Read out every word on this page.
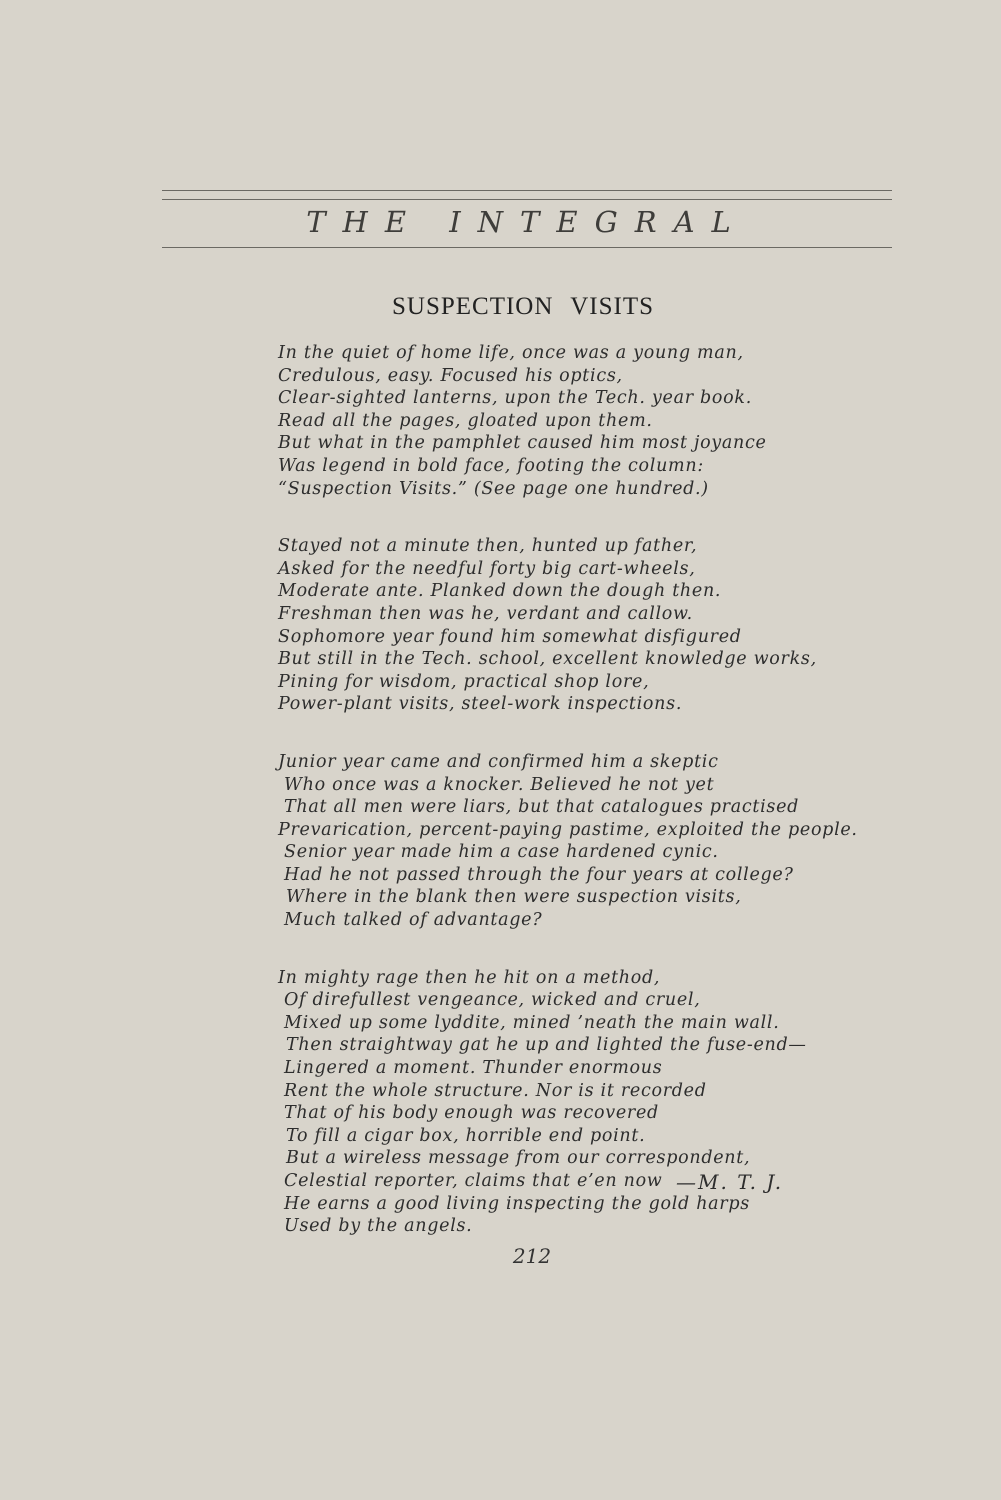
THE INTEGRAL
SUSPECTION VISITS
In the quiet of home life, once was a young man,
Credulous, easy. Focused his optics,
Clear-sighted lanterns, upon the Tech. year book.
Read all the pages, gloated upon them.
But what in the pamphlet caused him most joyance
Was legend in bold face, footing the column:
“Suspection Visits.” (See page one hundred.)
Stayed not a minute then, hunted up father,
Asked for the needful forty big cart-wheels,
Moderate ante. Planked down the dough then.
Freshman then was he, verdant and callow.
Sophomore year found him somewhat disfigured
But still in the Tech. school, excellent knowledge works,
Pining for wisdom, practical shop lore,
Power-plant visits, steel-work inspections.
Junior year came and confirmed him a skeptic
Who once was a knocker. Believed he not yet
That all men were liars, but that catalogues practised
Prevarication, percent-paying pastime, exploited the people.
Senior year made him a case hardened cynic.
Had he not passed through the four years at college?
Where in the blank then were suspection visits,
Much talked of advantage?
In mighty rage then he hit on a method,
Of direfullest vengeance, wicked and cruel,
Mixed up some lyddite, mined ’neath the main wall.
Then straightway gat he up and lighted the fuse-end—
Lingered a moment. Thunder enormous
Rent the whole structure. Nor is it recorded
That of his body enough was recovered
To fill a cigar box, horrible end point.
But a wireless message from our correspondent,
Celestial reporter, claims that e’en now
He earns a good living inspecting the gold harps
Used by the angels.
—M. T. J.
212
